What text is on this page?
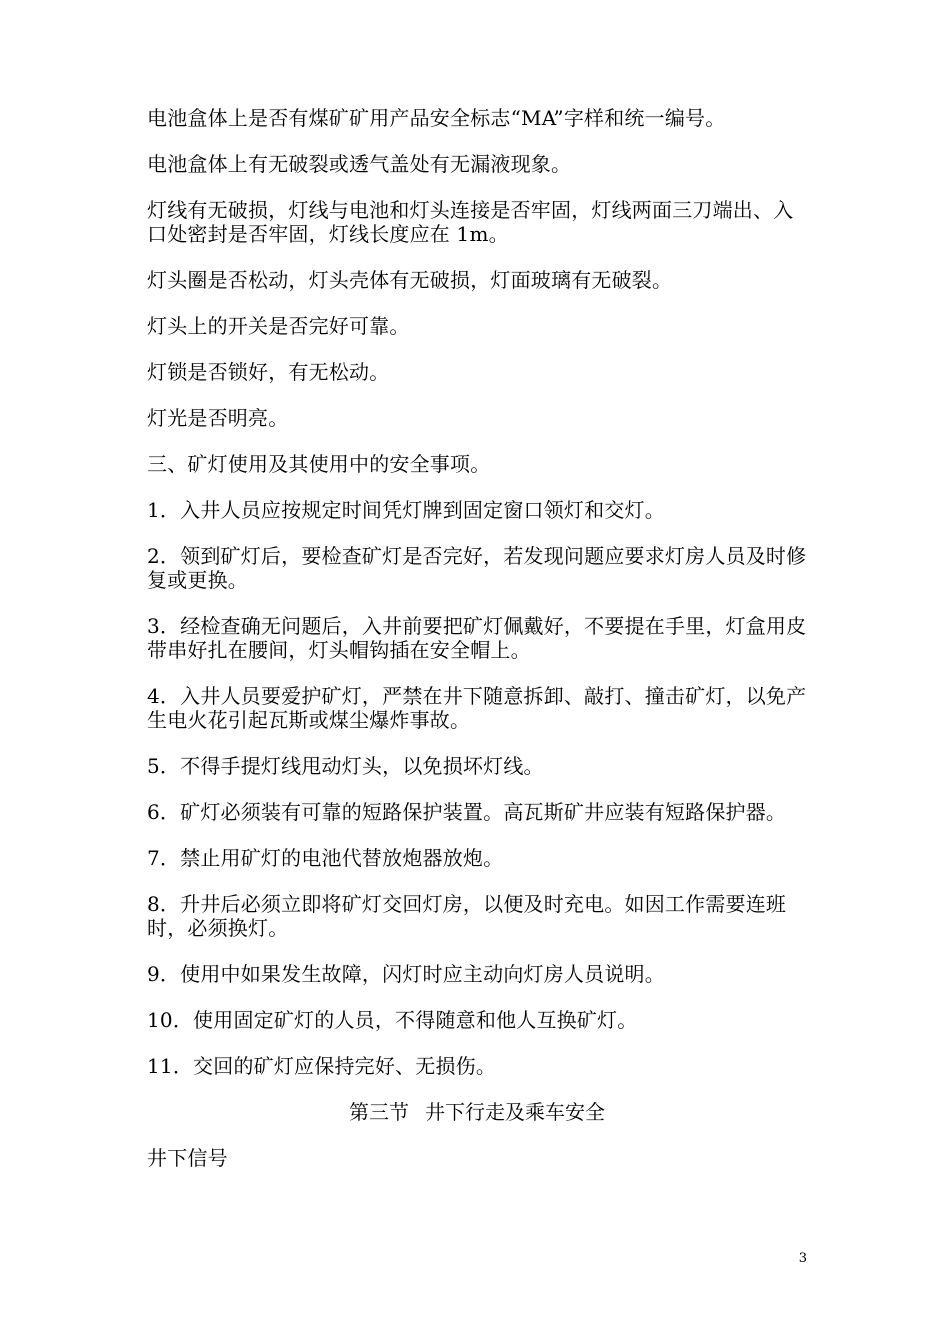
电池盒体上是否有煤矿矿用产品安全标志“MA”字样和统一编号。

电池盒体上有无破裂或透气盖处有无漏液现象。

灯线有无破损，灯线与电池和灯头连接是否牢固，灯线两面三刀端出、入口处密封是否牢固，灯线长度应在 1m。

灯头圈是否松动，灯头壳体有无破损，灯面玻璃有无破裂。

灯头上的开关是否完好可靠。

灯锁是否锁好，有无松动。

灯光是否明亮。

三、矿灯使用及其使用中的安全事项。

1．入井人员应按规定时间凭灯牌到固定窗口领灯和交灯。

2．领到矿灯后，要检查矿灯是否完好，若发现问题应要求灯房人员及时修复或更换。

3．经检查确无问题后，入井前要把矿灯佩戴好，不要提在手里，灯盒用皮带串好扎在腰间，灯头帽钩插在安全帽上。

4．入井人员要爱护矿灯，严禁在井下随意拆卸、敲打、撞击矿灯，以免产生电火花引起瓦斯或煤尘爆炸事故。

5．不得手提灯线甩动灯头，以免损坏灯线。

6．矿灯必须装有可靠的短路保护装置。高瓦斯矿井应装有短路保护器。

7．禁止用矿灯的电池代替放炮器放炮。

8．升井后必须立即将矿灯交回灯房，以便及时充电。如因工作需要连班时，必须换灯。

9．使用中如果发生故障，闪灯时应主动向灯房人员说明。

10．使用固定矿灯的人员，不得随意和他人互换矿灯。

11．交回的矿灯应保持完好、无损伤。

第三节 井下行走及乘车安全

井下信号

3
